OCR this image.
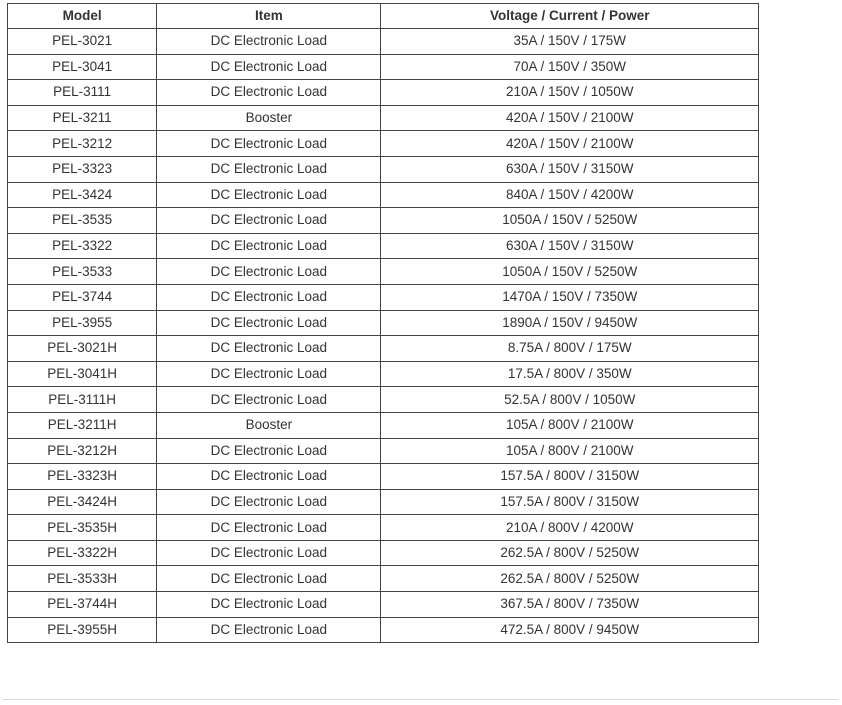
Model	Item	Voltage / Current / Power
PEL-3021	DC Electronic Load	35A / 150V / 175W
PEL-3041	DC Electronic Load	70A / 150V / 350W
PEL-3111	DC Electronic Load	210A / 150V / 1050W
PEL-3211	Booster	420A / 150V / 2100W
PEL-3212	DC Electronic Load	420A / 150V / 2100W
PEL-3323	DC Electronic Load	630A / 150V / 3150W
PEL-3424	DC Electronic Load	840A / 150V / 4200W
PEL-3535	DC Electronic Load	1050A / 150V / 5250W
PEL-3322	DC Electronic Load	630A / 150V / 3150W
PEL-3533	DC Electronic Load	1050A / 150V / 5250W
PEL-3744	DC Electronic Load	1470A / 150V / 7350W
PEL-3955	DC Electronic Load	1890A / 150V / 9450W
PEL-3021H	DC Electronic Load	8.75A / 800V / 175W
PEL-3041H	DC Electronic Load	17.5A / 800V / 350W
PEL-3111H	DC Electronic Load	52.5A / 800V / 1050W
PEL-3211H	Booster	105A / 800V / 2100W
PEL-3212H	DC Electronic Load	105A / 800V / 2100W
PEL-3323H	DC Electronic Load	157.5A / 800V / 3150W
PEL-3424H	DC Electronic Load	157.5A / 800V / 3150W
PEL-3535H	DC Electronic Load	210A / 800V / 4200W
PEL-3322H	DC Electronic Load	262.5A / 800V / 5250W
PEL-3533H	DC Electronic Load	262.5A / 800V / 5250W
PEL-3744H	DC Electronic Load	367.5A / 800V / 7350W
PEL-3955H	DC Electronic Load	472.5A / 800V / 9450W
